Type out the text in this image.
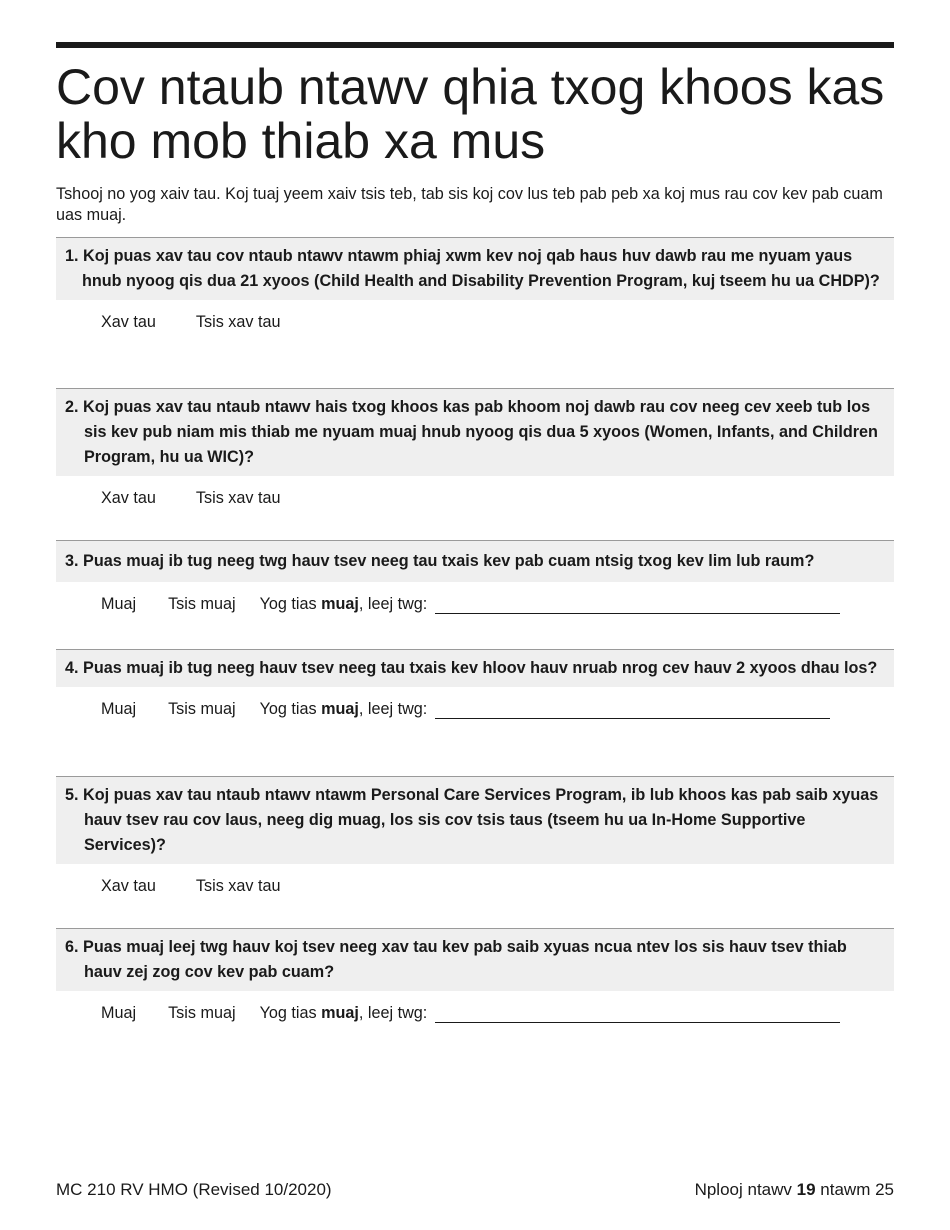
Cov ntaub ntawv qhia txog khoos kas kho mob thiab xa mus

Tshooj no yog xaiv tau. Koj tuaj yeem xaiv tsis teb, tab sis koj cov lus teb pab peb xa koj mus rau cov kev pab cuam uas muaj.

1. Koj puas xav tau cov ntaub ntawv ntawm phiaj xwm kev noj qab haus huv dawb rau me nyuam yaus hnub nyoog qis dua 21 xyoos (Child Health and Disability Prevention Program, kuj tseem hu ua CHDP)?
Xav tau Tsis xav tau
2. Koj puas xav tau ntaub ntawv hais txog khoos kas pab khoom noj dawb rau cov neeg cev xeeb tub los sis kev pub niam mis thiab me nyuam muaj hnub nyoog qis dua 5 xyoos (Women, Infants, and Children Program, hu ua WIC)?
Xav tau Tsis xav tau
3. Puas muaj ib tug neeg twg hauv tsev neeg tau txais kev pab cuam ntsig txog kev lim lub raum?
Muaj Tsis muaj Yog tias muaj, leej twg:
4. Puas muaj ib tug neeg hauv tsev neeg tau txais kev hloov hauv nruab nrog cev hauv 2 xyoos dhau los?
Muaj Tsis muaj Yog tias muaj, leej twg:
5. Koj puas xav tau ntaub ntawv ntawm Personal Care Services Program, ib lub khoos kas pab saib xyuas hauv tsev rau cov laus, neeg dig muag, los sis cov tsis taus (tseem hu ua In-Home Supportive Services)?
Xav tau Tsis xav tau
6. Puas muaj leej twg hauv koj tsev neeg xav tau kev pab saib xyuas ncua ntev los sis hauv tsev thiab hauv zej zog cov kev pab cuam?
Muaj Tsis muaj Yog tias muaj, leej twg:
MC 210 RV HMO (Revised 10/2020)	Nplooj ntawv 19 ntawm 25
